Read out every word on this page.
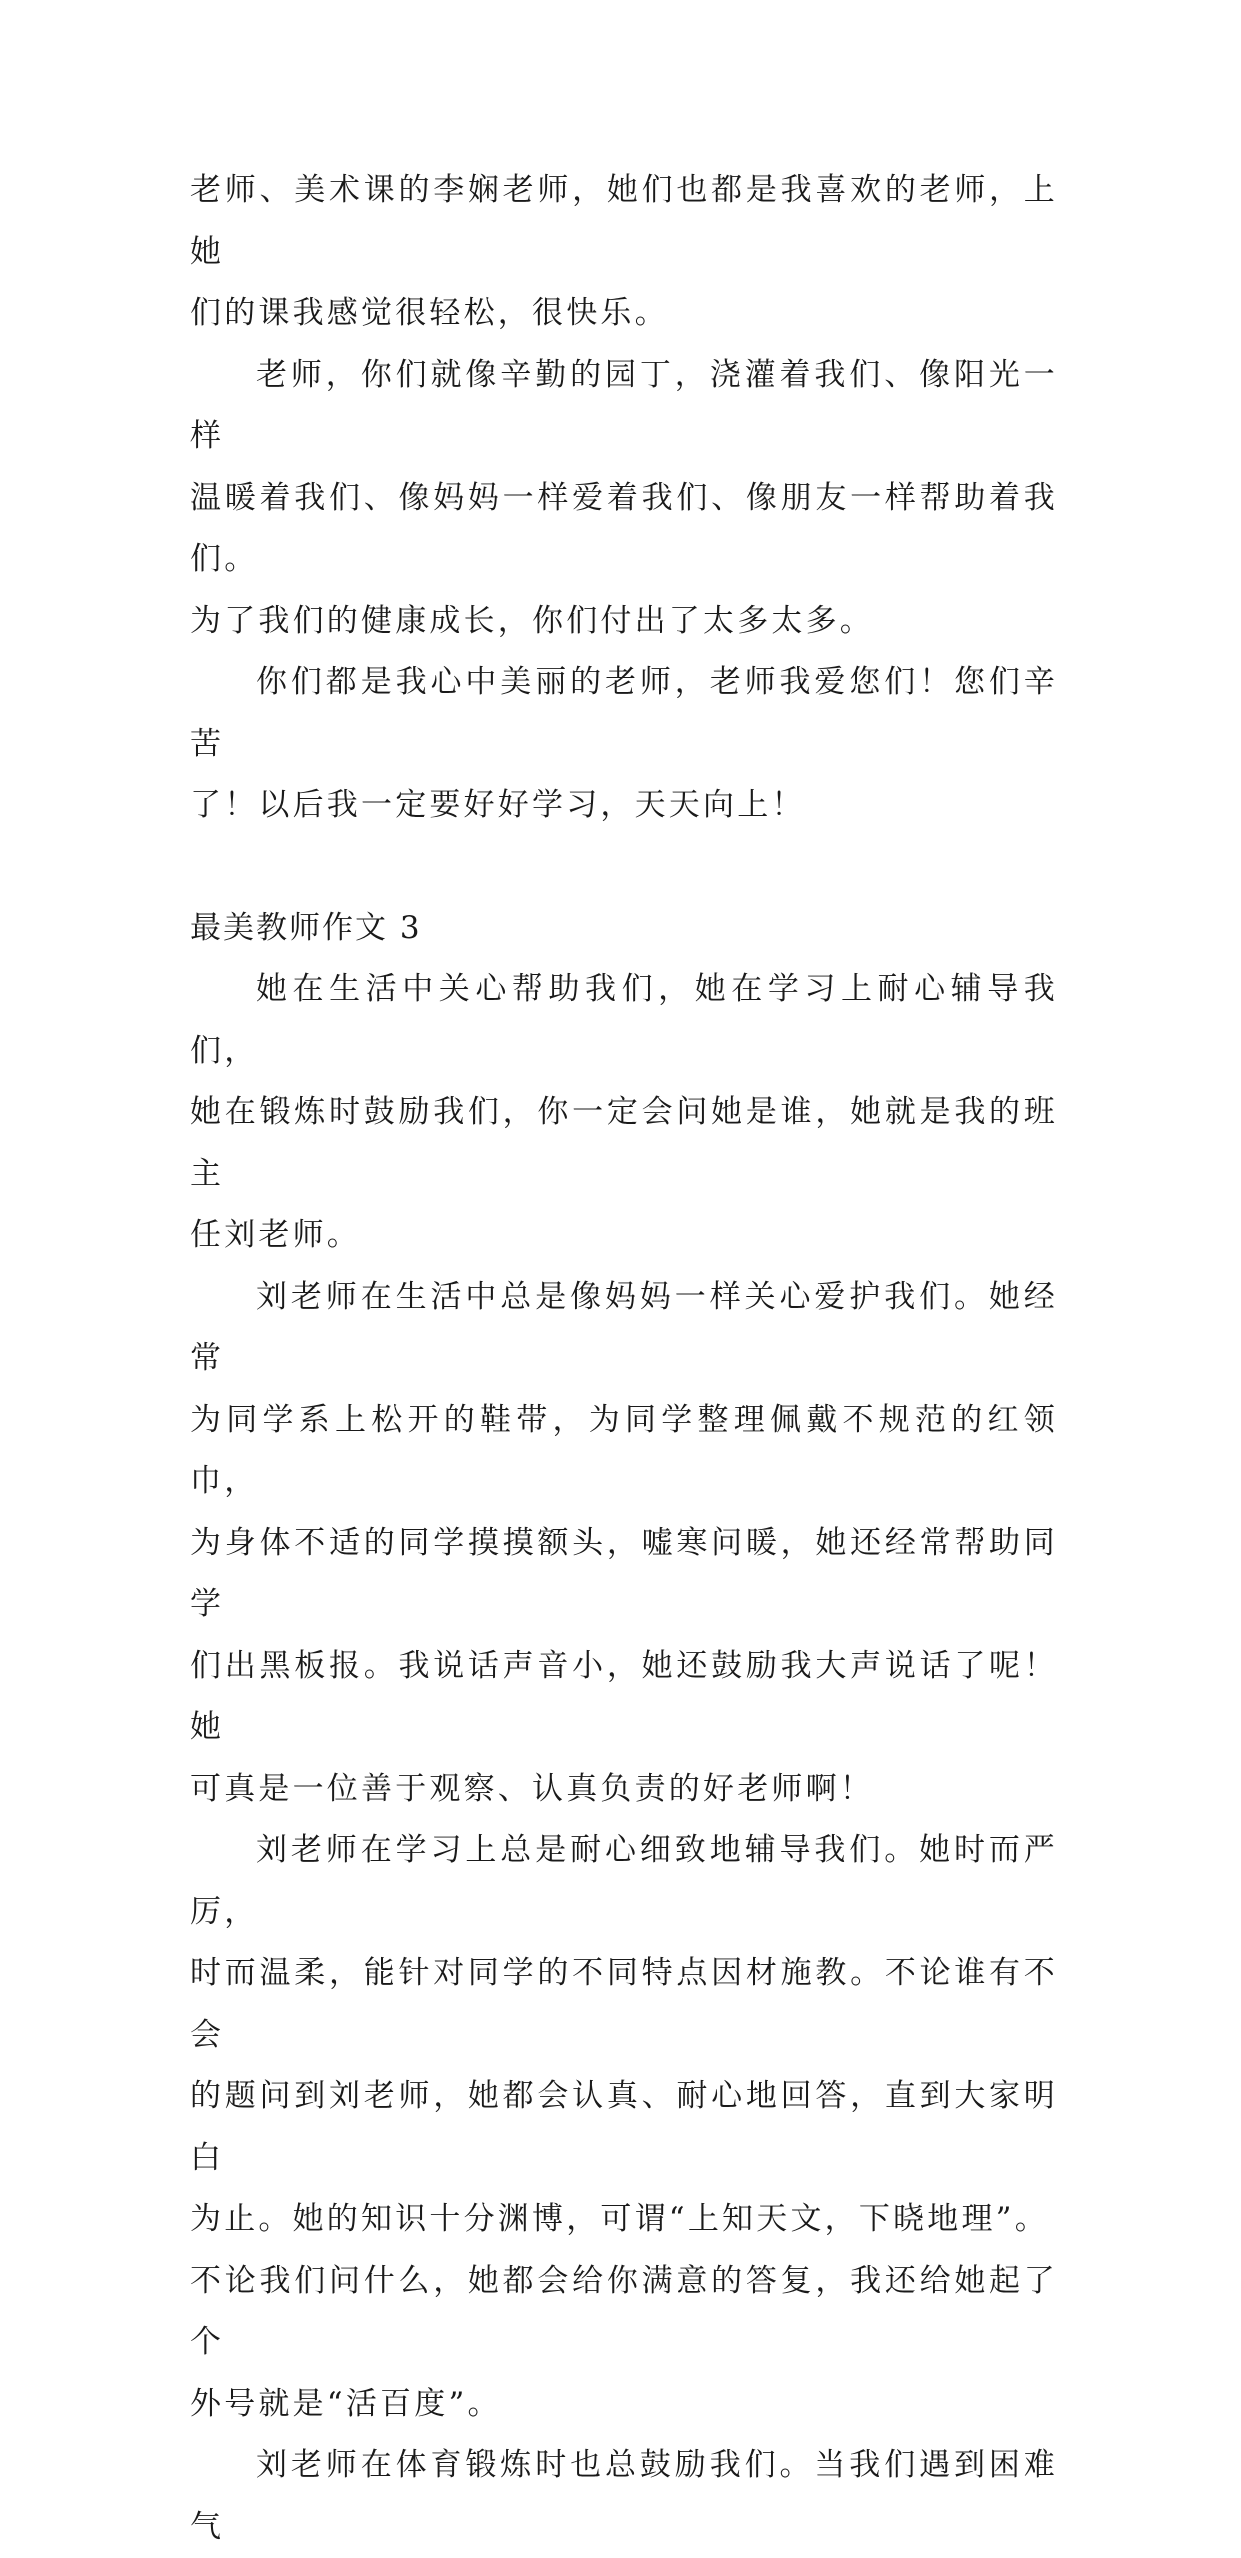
老师、美术课的李娴老师，她们也都是我喜欢的老师，上她
们的课我感觉很轻松，很快乐。

老师，你们就像辛勤的园丁，浇灌着我们、像阳光一样
温暖着我们、像妈妈一样爱着我们、像朋友一样帮助着我们。
为了我们的健康成长，你们付出了太多太多。

你们都是我心中美丽的老师，老师我爱您们！您们辛苦
了！以后我一定要好好学习，天天向上！

最美教师作文 3

她在生活中关心帮助我们，她在学习上耐心辅导我们，
她在锻炼时鼓励我们，你一定会问她是谁，她就是我的班主
任刘老师。

刘老师在生活中总是像妈妈一样关心爱护我们。她经常
为同学系上松开的鞋带，为同学整理佩戴不规范的红领巾，
为身体不适的同学摸摸额头，嘘寒问暖，她还经常帮助同学
们出黑板报。我说话声音小，她还鼓励我大声说话了呢！她
可真是一位善于观察、认真负责的好老师啊！

刘老师在学习上总是耐心细致地辅导我们。她时而严厉，
时而温柔，能针对同学的不同特点因材施教。不论谁有不会
的题问到刘老师，她都会认真、耐心地回答，直到大家明白
为止。她的知识十分渊博，可谓“上知天文，下晓地理”。
不论我们问什么，她都会给你满意的答复，我还给她起了个
外号就是“活百度”。

刘老师在体育锻炼时也总鼓励我们。当我们遇到困难气
